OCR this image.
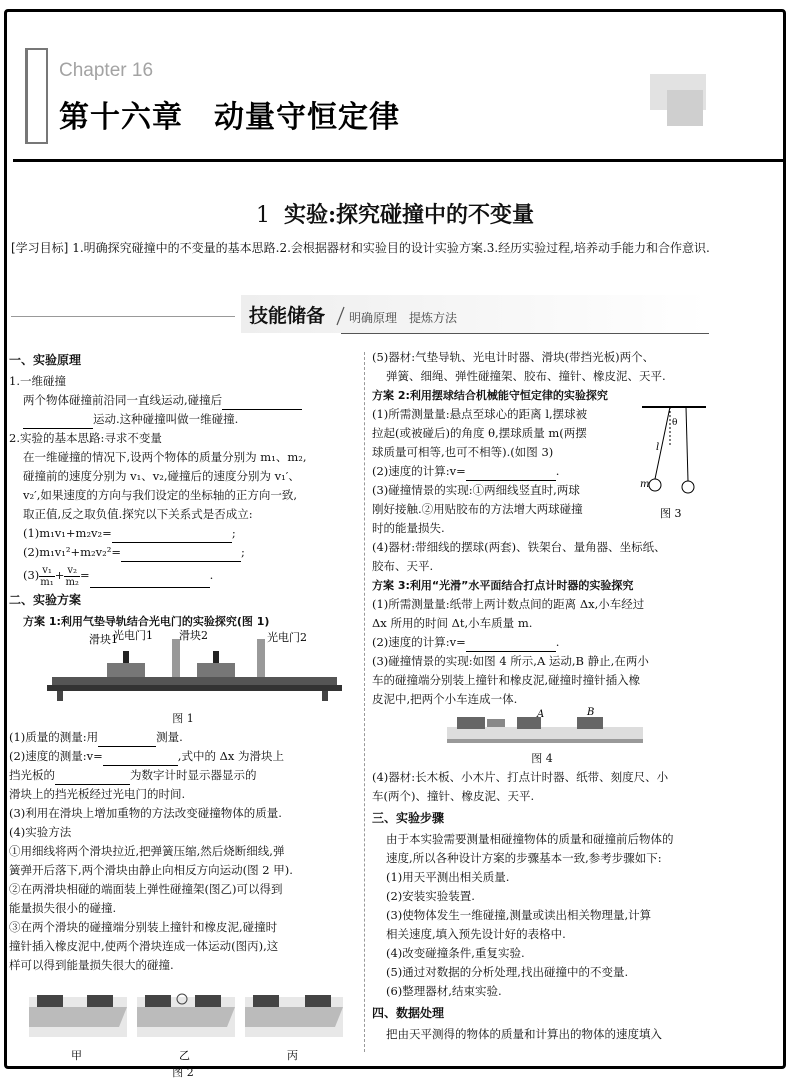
Chapter 16
第十六章　动量守恒定律
1 实验:探究碰撞中的不变量
[学习目标] 1.明确探究碰撞中的不变量的基本思路.2.会根据器材和实验目的设计实验方案.3.经历实验过程,培养动手能力和合作意识.
技能储备 明确原理　提炼方法

一、实验原理

1.一维碰撞

两个物体碰撞前沿同一直线运动,碰撞后

运动.这种碰撞叫做一维碰撞.

2.实验的基本思路:寻求不变量

在一维碰撞的情况下,设两个物体的质量分别为 m₁、m₂,

碰撞前的速度分别为 v₁、v₂,碰撞后的速度分别为 v₁′、

v₂′,如果速度的方向与我们设定的坐标轴的正方向一致,

取正值,反之取负值.探究以下关系式是否成立:

(1)m₁v₁+m₂v₂=	;

(2)m₁v₁²+m₂v₂²=	;

$(3) \frac{\text{v₁}}{\text{m₁}} + \frac{\text{v₂}}{\text{m₂}}$ =	.

二、实验方案

方案 1:利用气垫导轨结合光电门的实验探究(图 1)

滑块1
光电门1 滑块2	光电门2

图 1

(1)质量的测量:用	测量.

(2)速度的测量:v=	,式中的 Δx 为滑块上

挡光板的	为数字计时显示器显示的

滑块上的挡光板经过光电门的时间.

(3)利用在滑块上增加重物的方法改变碰撞物体的质量.

(4)实验方法

①用细线将两个滑块拉近,把弹簧压缩,然后烧断细线,弹

簧弹开后落下,两个滑块由静止向相反方向运动(图 2 甲).

②在两滑块相碰的端面装上弹性碰撞架(图乙)可以得到

能量损失很小的碰撞.

③在两个滑块的碰撞端分别装上撞针和橡皮泥,碰撞时

撞针插入橡皮泥中,使两个滑块连成一体运动(图丙),这

样可以得到能量损失很大的碰撞.

甲	乙	丙

图 2

(5)器材:气垫导轨、光电计时器、滑块(带挡光板)两个、

弹簧、细绳、弹性碰撞架、胶布、撞针、橡皮泥、天平.

方案 2:利用摆球结合机械能守恒定律的实验探究

(1)所需测量量:悬点至球心的距离 l,摆球被

拉起(或被碰后)的角度 θ,摆球质量 m(两摆

球质量可相等,也可不相等).(如图 3)

(2)速度的计算:v=	.

(3)碰撞情景的实现:①两细线竖直时,两球

刚好接触.②用贴胶布的方法增大两球碰撞

时的能量损失.

l
θ
m
图 3

(4)器材:带细线的摆球(两套)、铁架台、量角器、坐标纸、

胶布、天平.

方案 3:利用“光滑”水平面结合打点计时器的实验探究

(1)所需测量量:纸带上两计数点间的距离 Δx,小车经过

Δx 所用的时间 Δt,小车质量 m.

(2)速度的计算:v=	.

(3)碰撞情景的实现:如图 4 所示,A 运动,B 静止,在两小

车的碰撞端分别装上撞针和橡皮泥,碰撞时撞针插入橡

皮泥中,把两个小车连成一体.

A	B

图 4

(4)器材:长木板、小木片、打点计时器、纸带、刻度尺、小

车(两个)、撞针、橡皮泥、天平.

三、实验步骤

由于本实验需要测量相碰撞物体的质量和碰撞前后物体的

速度,所以各种设计方案的步骤基本一致,参考步骤如下:

(1)用天平测出相关质量.

(2)安装实验装置.

(3)使物体发生一维碰撞,测量或读出相关物理量,计算

相关速度,填入预先设计好的表格中.

(4)改变碰撞条件,重复实验.

(5)通过对数据的分析处理,找出碰撞中的不变量.

(6)整理器材,结束实验.

四、数据处理

把由天平测得的物体的质量和计算出的物体的速度填入
